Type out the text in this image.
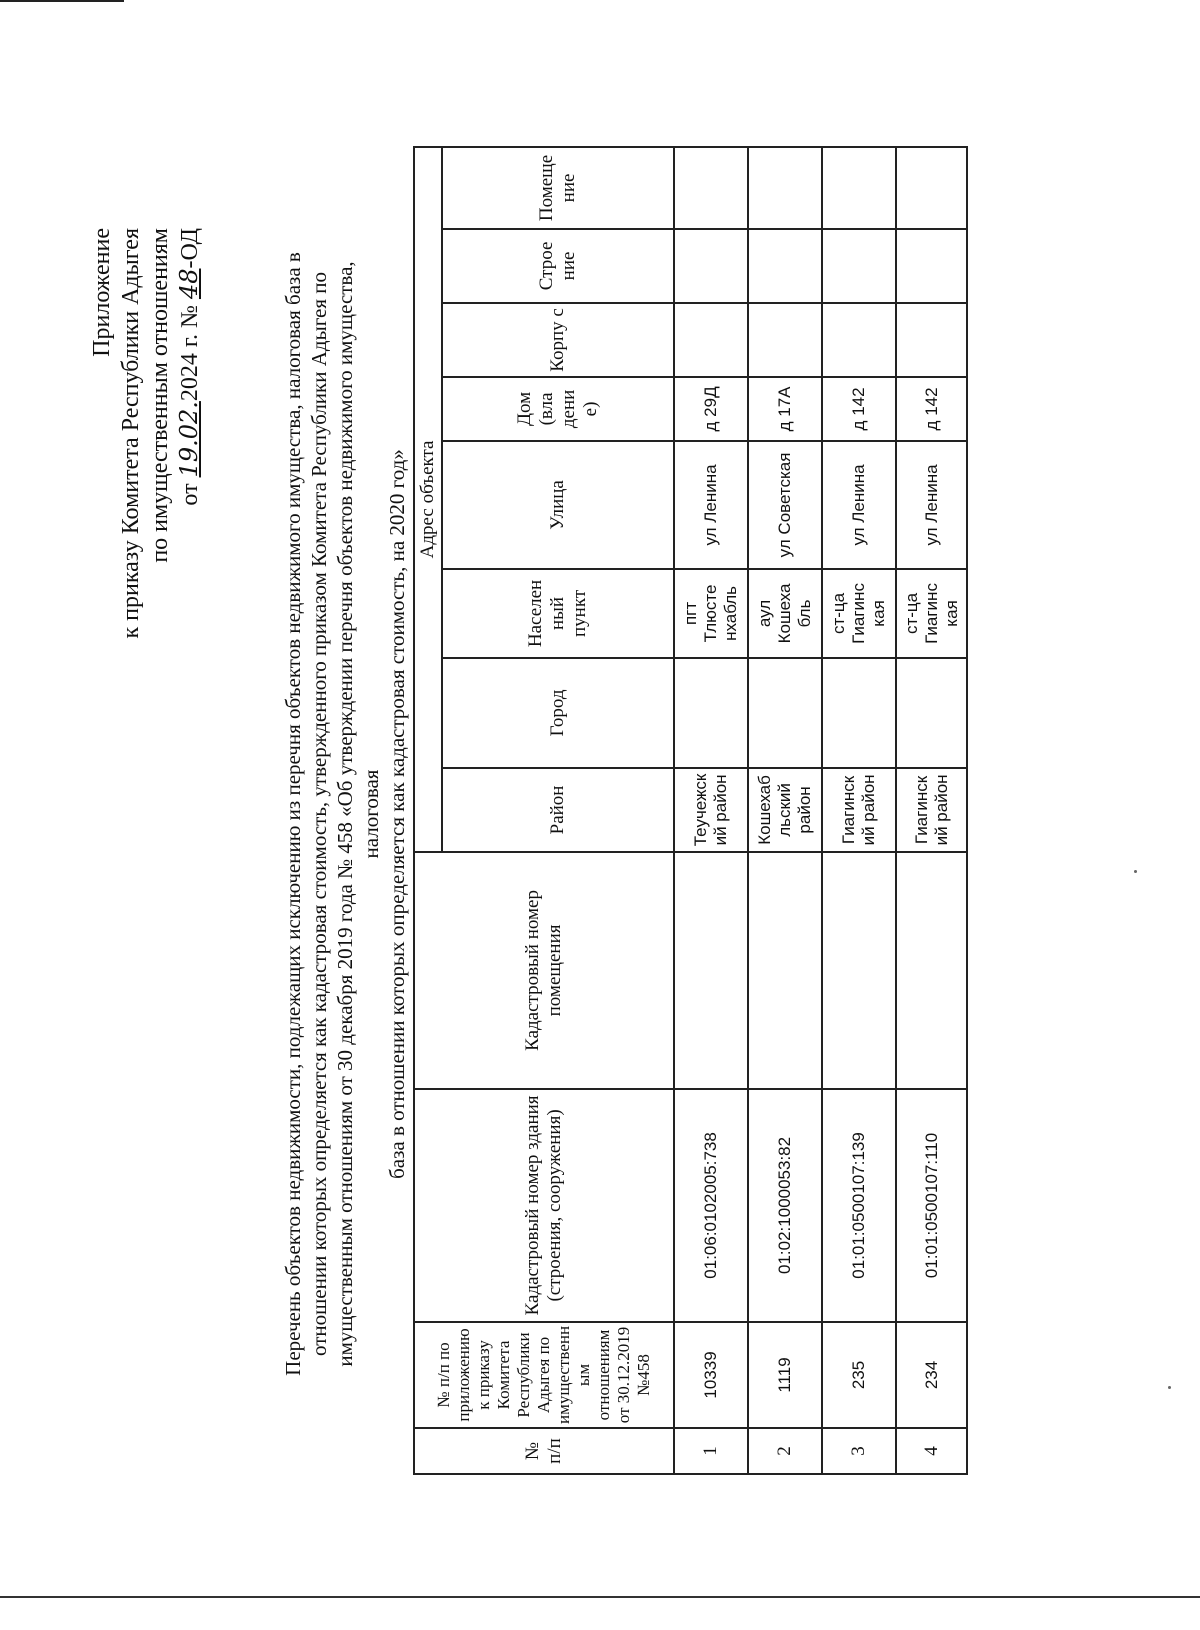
Приложение к приказу Комитета Республики Адыгея по имущественным отношениям от 19.02.2024 г. № 48-ОД
Перечень объектов недвижимости, подлежащих исключению из перечня объектов недвижимого имущества, налоговая база в отношении которых определяется как кадастровая стоимость, утвержденного приказом Комитета Республики Адыгея по имущественным отношениям от 30 декабря 2019 года № 458 «Об утверждении перечня объектов недвижимого имущества, налоговая база в отношении которых определяется как кадастровая стоимость, на 2020 год»
№ п/п	№ п/п по приложению к приказу Комитета Республики Адыгея по имущественн ым отношениям от 30.12.2019 №458	Кадастровый номер здания (строения, сооружения)	Кадастровый номер помещения	Адрес объекта							
				Район	Город	Населен ный пункт	Улица	Дом (вла дени е)	Корпу с	Строе ние	Помеще ние
1	10339	01:06:0102005:738		Теучежск ий район		пгт Тлюсте нхабль	ул Ленина	д 29Д			
2	1119	01:02:1000053:82		Кошехаб льский район		аул Кошеха бль	ул Советская	д 17А			
3	235	01:01:0500107:139		Гиагинск ий район		ст-ца Гиагинс кая	ул Ленина	д 142			
4	234	01:01:0500107:110		Гиагинск ий район		ст-ца Гиагинс кая	ул Ленина	д 142			
